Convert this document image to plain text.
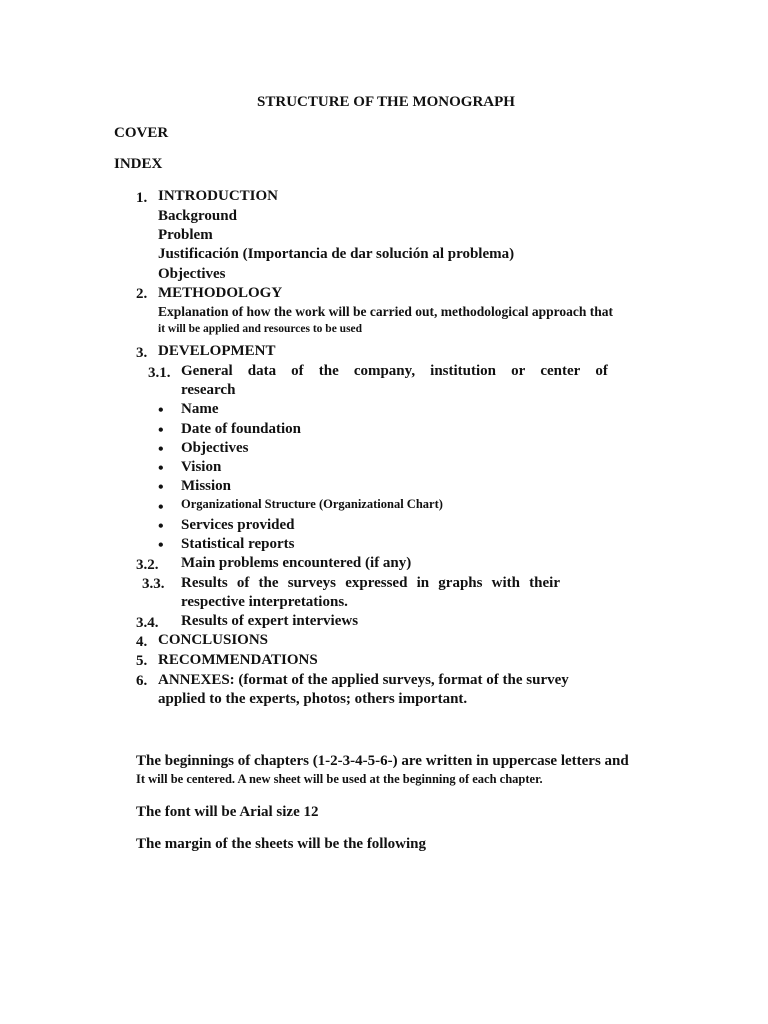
STRUCTURE OF THE MONOGRAPH
COVER
INDEX
1. INTRODUCTION
Background
Problem
Justificación (Importancia de dar solución al problema)
Objectives
2. METHODOLOGY
Explanation of how the work will be carried out, methodological approach that
it will be applied and resources to be used
3. DEVELOPMENT
3.1. General data of the company, institution or center of
research
• Name
• Date of foundation
• Objectives
• Vision
• Mission
• Organizational Structure (Organizational Chart)
• Services provided
• Statistical reports
3.2. Main problems encountered (if any)
3.3. Results of the surveys expressed in graphs with their
respective interpretations.
3.4. Results of expert interviews
4. CONCLUSIONS
5. RECOMMENDATIONS
6. ANNEXES: (format of the applied surveys, format of the survey
applied to the experts, photos; others important.
The beginnings of chapters (1-2-3-4-5-6-) are written in uppercase letters and
It will be centered. A new sheet will be used at the beginning of each chapter.
The font will be Arial size 12
The margin of the sheets will be the following
